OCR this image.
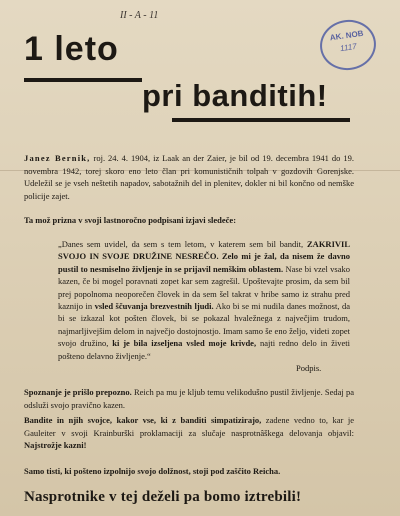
II - A - 11
AK. NOB
1117
1 leto
pri banditih!
Janez Bernik, roj. 24. 4. 1904, iz Laak an der Zaier, je bil od 19. decembra 1941 do 19. novembra 1942, torej skoro eno leto član pri komunističnih tolpah v gozdovih Gorenjske. Udeležil se je vseh neštetih napadov, sabotažnih del in plenitev, dokler ni bil končno od nemške policije zajet.
Ta mož prizna v svoji lastnoročno podpisani izjavi sledeče:
„Danes sem uvidel, da sem s tem letom, v katerem sem bil bandit, ZAKRIVIL SVOJO IN SVOJE DRUŽINE NESREČO. Zelo mi je žal, da nisem že davno pustil to nesmiselno življenje in se prijavil nemškim oblastem. Nase bi vzel vsako kazen, če bi mogel poravnati zopet kar sem zagrešil. Upoštevajte prosim, da sem bil prej popolnoma neoporečen človek in da sem šel takrat v hribe samo iz strahu pred kaznijo in vsled ščuvanja brezvestnih ljudi. Ako bi se mi nudila danes možnost, da bi se izkazal kot pošten človek, bi se pokazal hvaležnega z največjim trudom, najmarljivejšim delom in največjo dostojnostjo. Imam samo še eno željo, videti zopet svojo družino, ki je bila izseljena vsled moje krivde, najti redno delo in živeti pošteno delavno življenje.“
Podpis.
Spoznanje je prišlo prepozno. Reich pa mu je kljub temu velikodušno pustil življenje. Sedaj pa odsluži svojo pravično kazen.
Bandite in njih svojce, kakor vse, ki z banditi simpatizirajo, zadene vedno to, kar je Gauleiter v svoji Krainburški proklamaciji za slučaje nasprotnâškega delovanja objavil: Najstrožje kazni!
Samo tisti, ki pošteno izpolnijo svojo dolžnost, stoji pod zaščito Reicha.
Nasprotnike v tej deželi pa bomo iztrebili!
